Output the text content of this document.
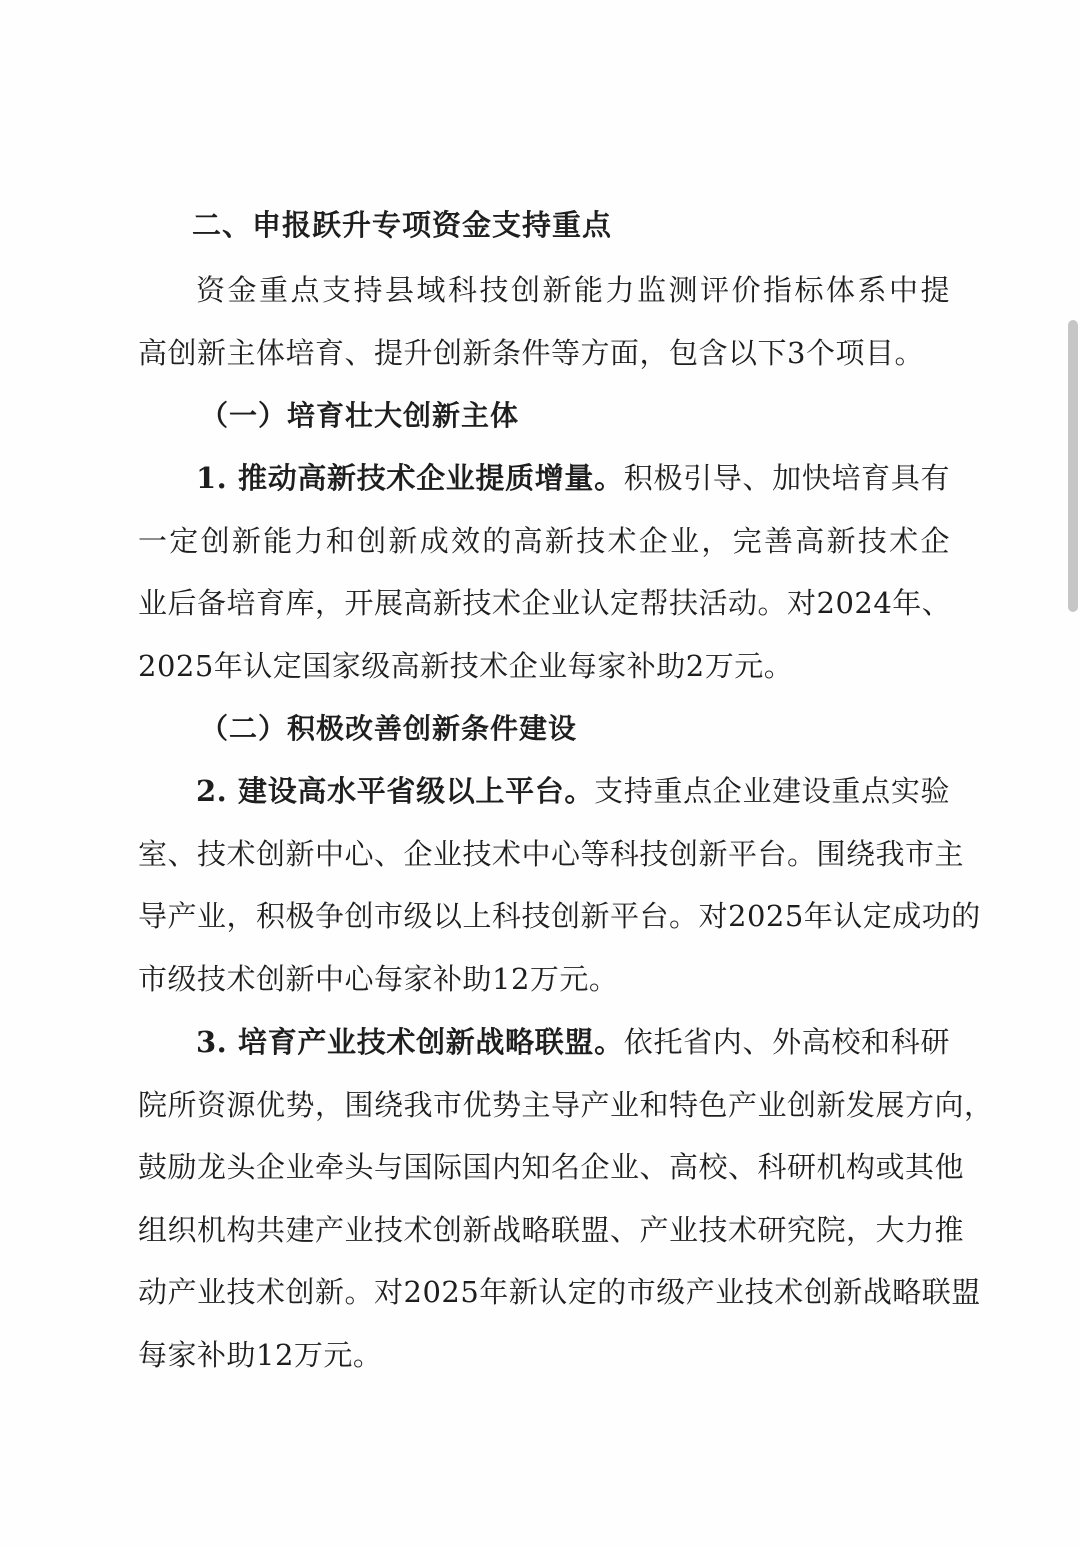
二、申报跃升专项资金支持重点
资金重点支持县域科技创新能力监测评价指标体系中提
高创新主体培育、提升创新条件等方面，包含以下3个项目。
（一）培育壮大创新主体
1. 推动高新技术企业提质增量。积极引导、加快培育具有
一定创新能力和创新成效的高新技术企业，完善高新技术企
业后备培育库，开展高新技术企业认定帮扶活动。对2024年、
2025年认定国家级高新技术企业每家补助2万元。
（二）积极改善创新条件建设
2. 建设高水平省级以上平台。支持重点企业建设重点实验
室、技术创新中心、企业技术中心等科技创新平台。围绕我市主
导产业，积极争创市级以上科技创新平台。对2025年认定成功的
市级技术创新中心每家补助12万元。
3. 培育产业技术创新战略联盟。依托省内、外高校和科研
院所资源优势，围绕我市优势主导产业和特色产业创新发展方向，
鼓励龙头企业牵头与国际国内知名企业、高校、科研机构或其他
组织机构共建产业技术创新战略联盟、产业技术研究院，大力推
动产业技术创新。对2025年新认定的市级产业技术创新战略联盟
每家补助12万元。
